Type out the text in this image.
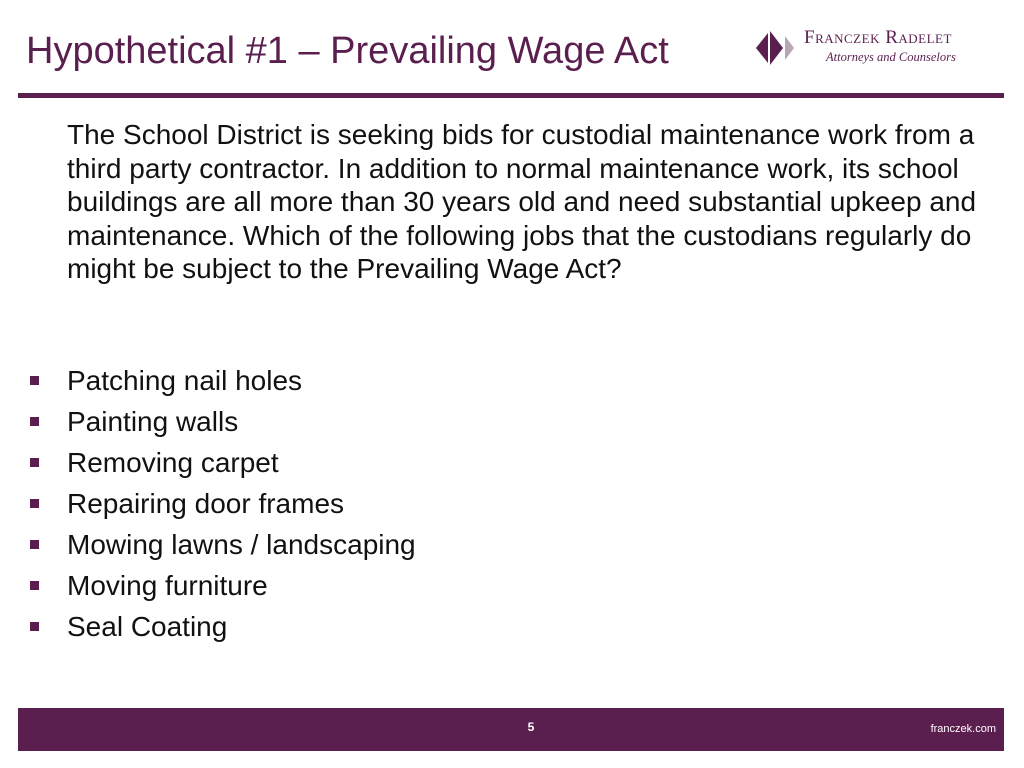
Hypothetical #1 – Prevailing Wage Act	Franczek Radelet
Attorneys and Counselors

The School District is seeking bids for custodial maintenance work from a third party contractor. In addition to normal maintenance work, its school buildings are all more than 30 years old and need substantial upkeep and maintenance. Which of the following jobs that the custodians regularly do might be subject to the Prevailing Wage Act?

Patching nail holes
Painting walls
Removing carpet
Repairing door frames
Mowing lawns / landscaping
Moving furniture
Seal Coating
5	franczek.com
